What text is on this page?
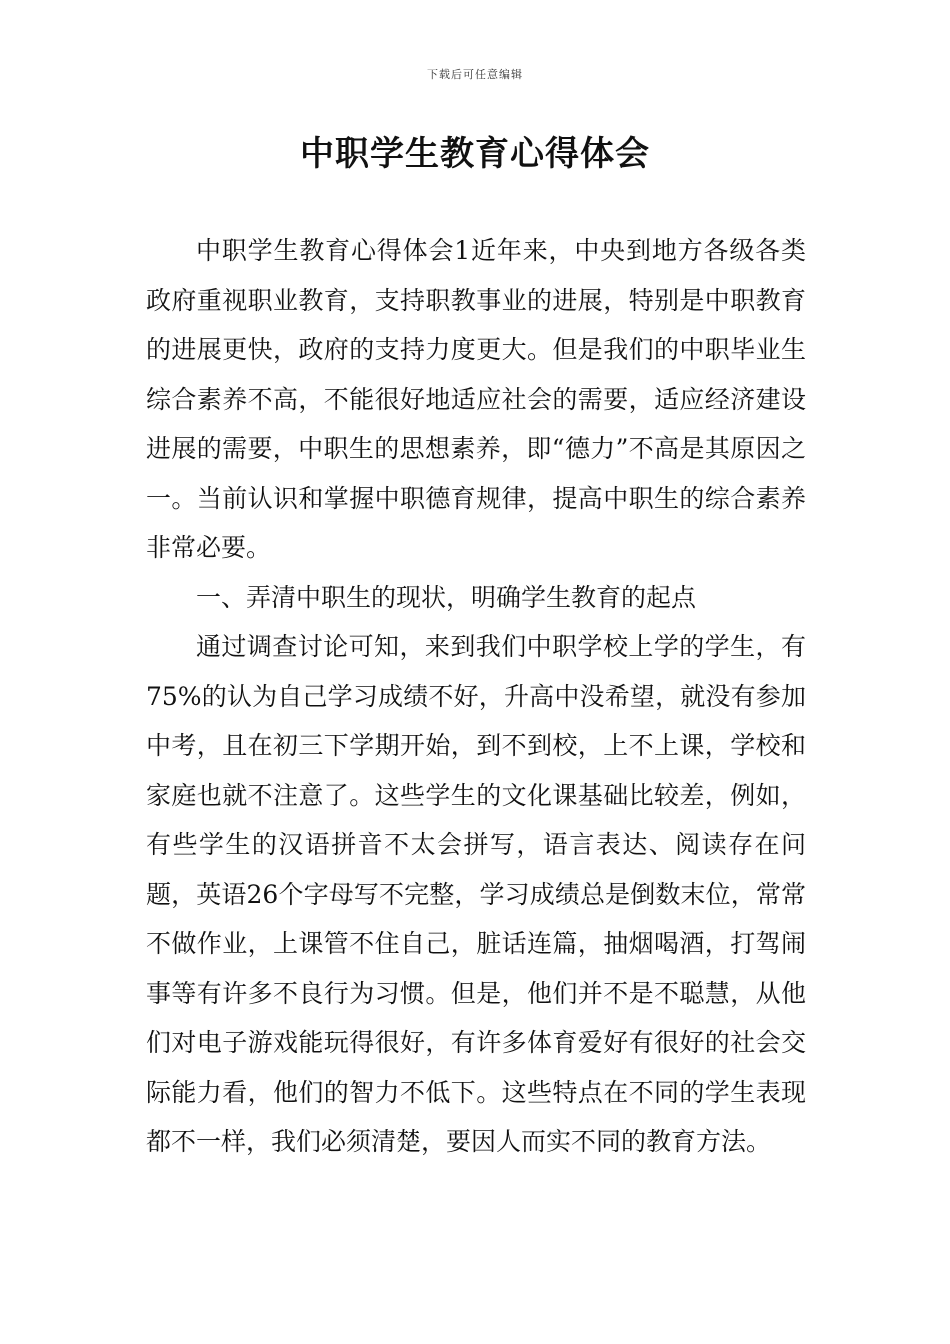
下载后可任意编辑
中职学生教育心得体会

中职学生教育心得体会1近年来，中央到地方各级各类政府重视职业教育，支持职教事业的进展，特别是中职教育的进展更快，政府的支持力度更大。但是我们的中职毕业生综合素养不高，不能很好地适应社会的需要，适应经济建设进展的需要，中职生的思想素养，即“德力”不高是其原因之一。当前认识和掌握中职德育规律，提高中职生的综合素养非常必要。

一、弄清中职生的现状，明确学生教育的起点

通过调查讨论可知，来到我们中职学校上学的学生，有75%的认为自己学习成绩不好，升高中没希望，就没有参加中考，且在初三下学期开始，到不到校，上不上课，学校和家庭也就不注意了。这些学生的文化课基础比较差，例如，有些学生的汉语拼音不太会拼写，语言表达、阅读存在问题，英语26个字母写不完整，学习成绩总是倒数末位，常常不做作业，上课管不住自己，脏话连篇，抽烟喝酒，打驾闹事等有许多不良行为习惯。但是，他们并不是不聪慧，从他们对电子游戏能玩得很好，有许多体育爱好有很好的社会交际能力看，他们的智力不低下。这些特点在不同的学生表现都不一样，我们必须清楚，要因人而实不同的教育方法。
